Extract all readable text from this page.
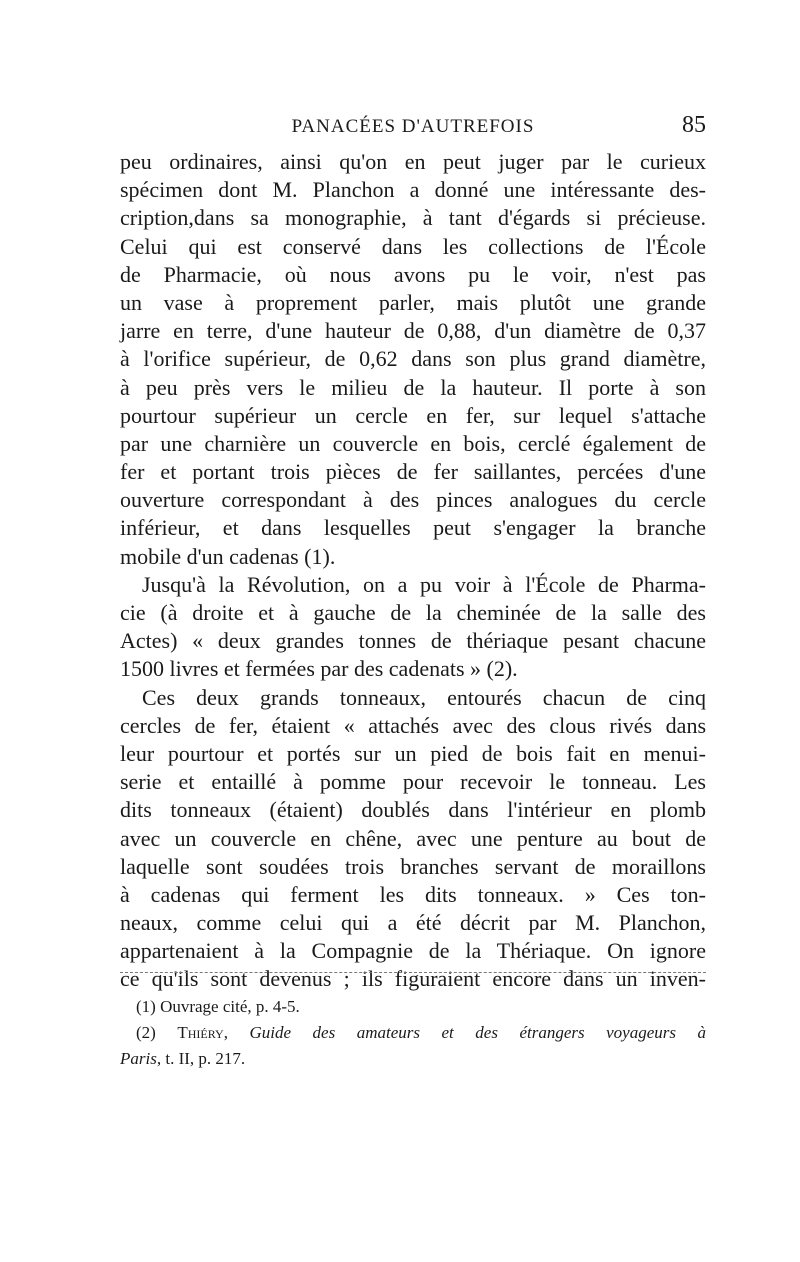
PANACÉES D'AUTREFOIS	85
peu ordinaires, ainsi qu'on en peut juger par le curieux
spécimen dont M. Planchon a donné une intéressante des-
cription,dans sa monographie, à tant d'égards si précieuse.
Celui qui est conservé dans les collections de l'École
de Pharmacie, où nous avons pu le voir, n'est pas
un vase à proprement parler, mais plutôt une grande
jarre en terre, d'une hauteur de 0,88, d'un diamètre de 0,37
à l'orifice supérieur, de 0,62 dans son plus grand diamètre,
à peu près vers le milieu de la hauteur. Il porte à son
pourtour supérieur un cercle en fer, sur lequel s'attache
par une charnière un couvercle en bois, cerclé également de
fer et portant trois pièces de fer saillantes, percées d'une
ouverture correspondant à des pinces analogues du cercle
inférieur, et dans lesquelles peut s'engager la branche
mobile d'un cadenas (1).
Jusqu'à la Révolution, on a pu voir à l'École de Pharma-
cie (à droite et à gauche de la cheminée de la salle des
Actes) « deux grandes tonnes de thériaque pesant chacune
1500 livres et fermées par des cadenats » (2).
Ces deux grands tonneaux, entourés chacun de cinq
cercles de fer, étaient « attachés avec des clous rivés dans
leur pourtour et portés sur un pied de bois fait en menui-
serie et entaillé à pomme pour recevoir le tonneau. Les
dits tonneaux (étaient) doublés dans l'intérieur en plomb
avec un couvercle en chêne, avec une penture au bout de
laquelle sont soudées trois branches servant de moraillons
à cadenas qui ferment les dits tonneaux. » Ces ton-
neaux, comme celui qui a été décrit par M. Planchon,
appartenaient à la Compagnie de la Thériaque. On ignore
ce qu'ils sont devenus ; ils figuraient encore dans un inven-
(1) Ouvrage cité, p. 4-5.
(2) Thiéry, Guide des amateurs et des étrangers voyageurs à
Paris, t. II, p. 217.
